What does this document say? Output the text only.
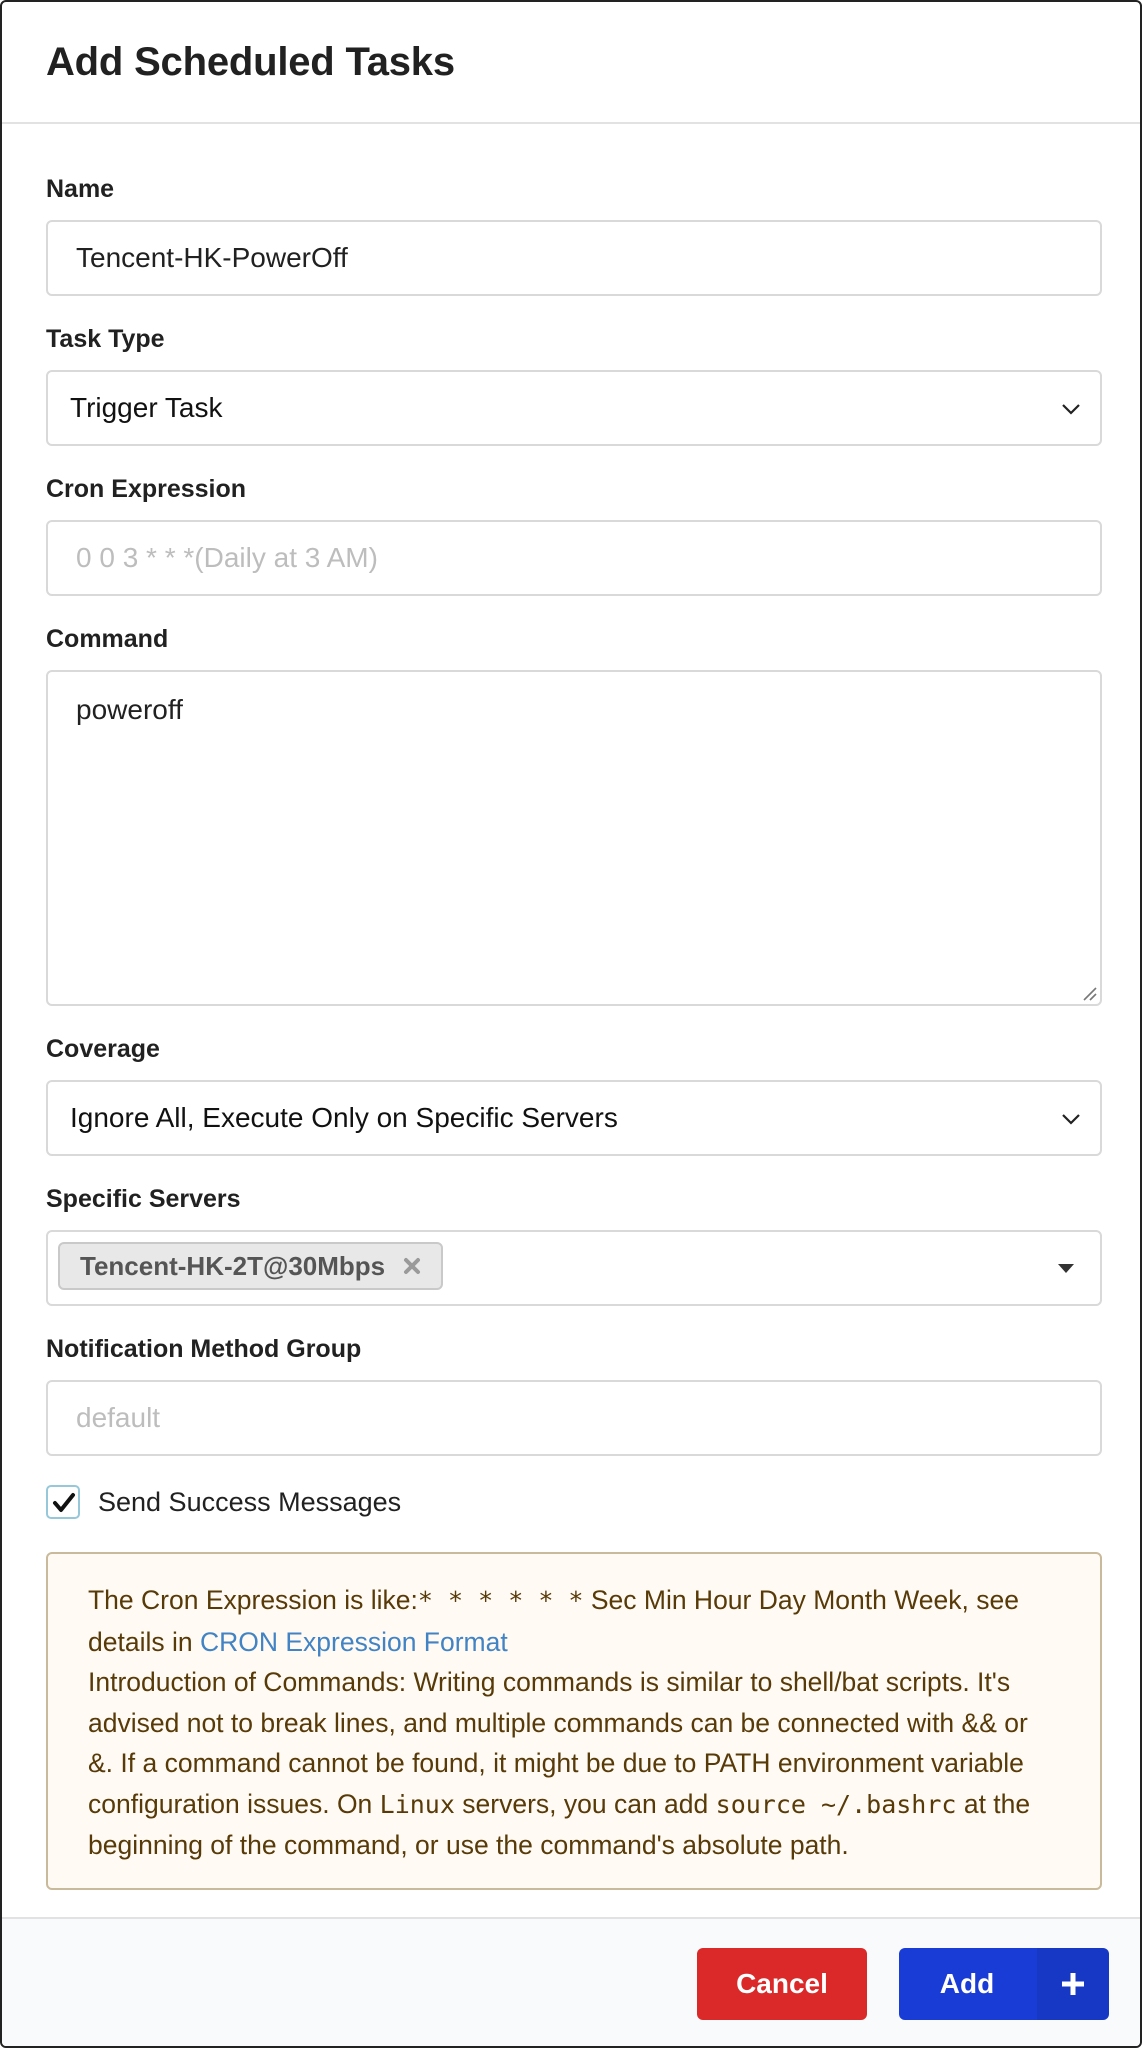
Add Scheduled Tasks
Name
Tencent-HK-PowerOff
Task Type
Trigger Task
Cron Expression
0 0 3 * * *(Daily at 3 AM)
Command
poweroff
Coverage
Ignore All, Execute Only on Specific Servers
Specific Servers
Tencent-HK-2T@30Mbps
Notification Method Group
default
Send Success Messages
The Cron Expression is like:* * * * * * Sec Min Hour Day Month Week, see details in CRON Expression Format
Introduction of Commands: Writing commands is similar to shell/bat scripts. It's advised not to break lines, and multiple commands can be connected with && or &. If a command cannot be found, it might be due to PATH environment variable configuration issues. On Linux servers, you can add source ~/.bashrc at the beginning of the command, or use the command's absolute path.
Cancel	Add
